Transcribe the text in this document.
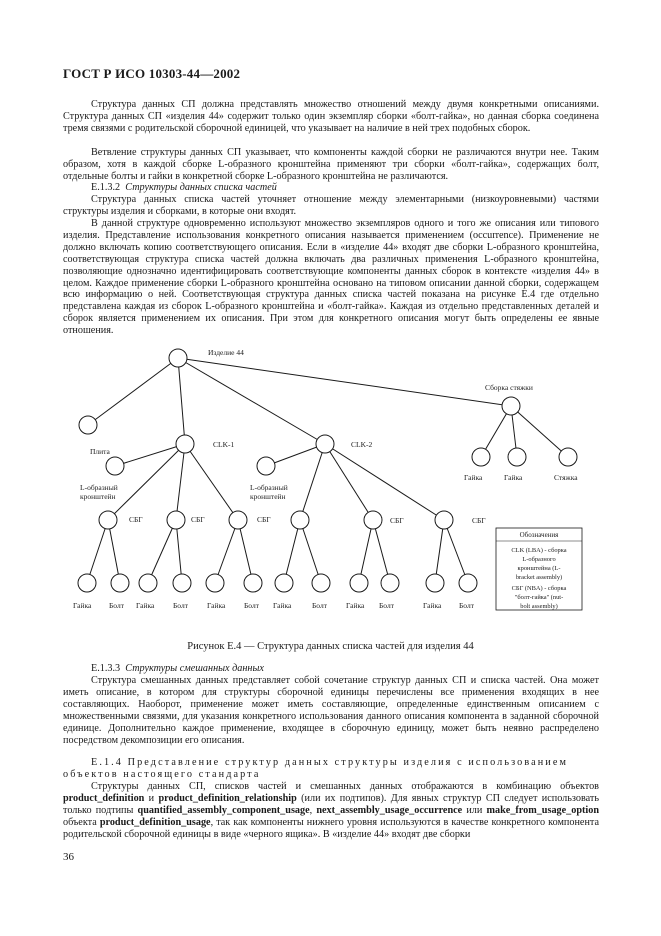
ГОСТ Р ИСО 10303-44—2002

Структура данных СП должна представлять множество отношений между двумя конкретными описаниями. Структура данных СП «изделия 44» содержит только один экземпляр сборки «болт-гайка», но данная сборка соединена тремя связями с родительской сборочной единицей, что указывает на наличие в ней трех подобных сборок.

Ветвление структуры данных СП указывает, что компоненты каждой сборки не различаются внутри нее. Таким образом, хотя в каждой сборке L-образного кронштейна применяют три сборки «болт-гайка», содержащих болт, отдельные болты и гайки в конкретной сборке L-образного кронштейна не различаются.

Е.1.3.2 Структуры данных списка частей

Структура данных списка частей уточняет отношение между элементарными (низкоуровневыми) частями структуры изделия и сборками, в которые они входят.

В данной структуре одновременно используют множество экземпляров одного и того же описания или типового изделия. Представление использования конкретного описания называется применением (occurrence). Применение не должно включать копию соответствующего описания. Если в «изделие 44» входят две сборки L-образного кронштейна, соответствующая структура списка частей должна включать два различных применения L-образного кронштейна, позволяющие однозначно идентифицировать соответствующие компоненты данных сборок в контексте «изделия 44» в целом. Каждое применение сборки L-образного кронштейна основано на типовом описании данной сборки, содержащем всю информацию о ней. Соответствующая структура данных списка частей показана на рисунке Е.4 где отдельно представлена каждая из сборок L-образного кронштейна и «болт-гайка». Каждая из отдельно представленных деталей и сборок является применением их описания. При этом для конкретного описания могут быть определены ее явные отношения.

Изделие 44
Сборка стяжки
CLK-1	CLK-2
Плита
L-образный
кронштейн
L-образный
кронштейн
СБГ	СБГ	СБГ	СБГ	СБГ
Гайка	Гайка	Стяжка
Гайка Болт Гайка Болт	Гайка Болт Гайка	Болт	Гайка Болт	Гайка Болт
Обозначения
CLK (LBA) - сборка
L-образного
кронштейна (L-
bracket assembly)
СБГ (NBA) - сборка
"болт-гайка" (nut-
bolt assembly)
Рисунок Е.4 — Структура данных списка частей для изделия 44

Е.1.3.3 Структуры смешанных данных

Структура смешанных данных представляет собой сочетание структур данных СП и списка частей. Она может иметь описание, в котором для структуры сборочной единицы перечислены все применения входящих в нее составляющих. Наоборот, применение может иметь составляющие, определенные единственным описанием с множественными связями, для указания конкретного использования данного описания компонента в заданной сборочной единице. Дополнительно каждое применение, входящее в сборочную единицу, может быть неявно распределено посредством декомпозиции его описания.

Е.1.4 Представление структур данных структуры изделия с использованием объектов настоящего стандарта

Структуры данных СП, списков частей и смешанных данных отображаются в комбинацию объектов product_definition и product_definition_relationship (или их подтипов). Для явных структур СП следует использовать только подтипы quantified_assembly_component_usage, next_assembly_usage_occurrence или make_from_usage_option объекта product_definition_usage, так как компоненты нижнего уровня используются в качестве конкретного компонента родительской сборочной единицы в виде «черного ящика». В «изделие 44» входят две сборки

36
